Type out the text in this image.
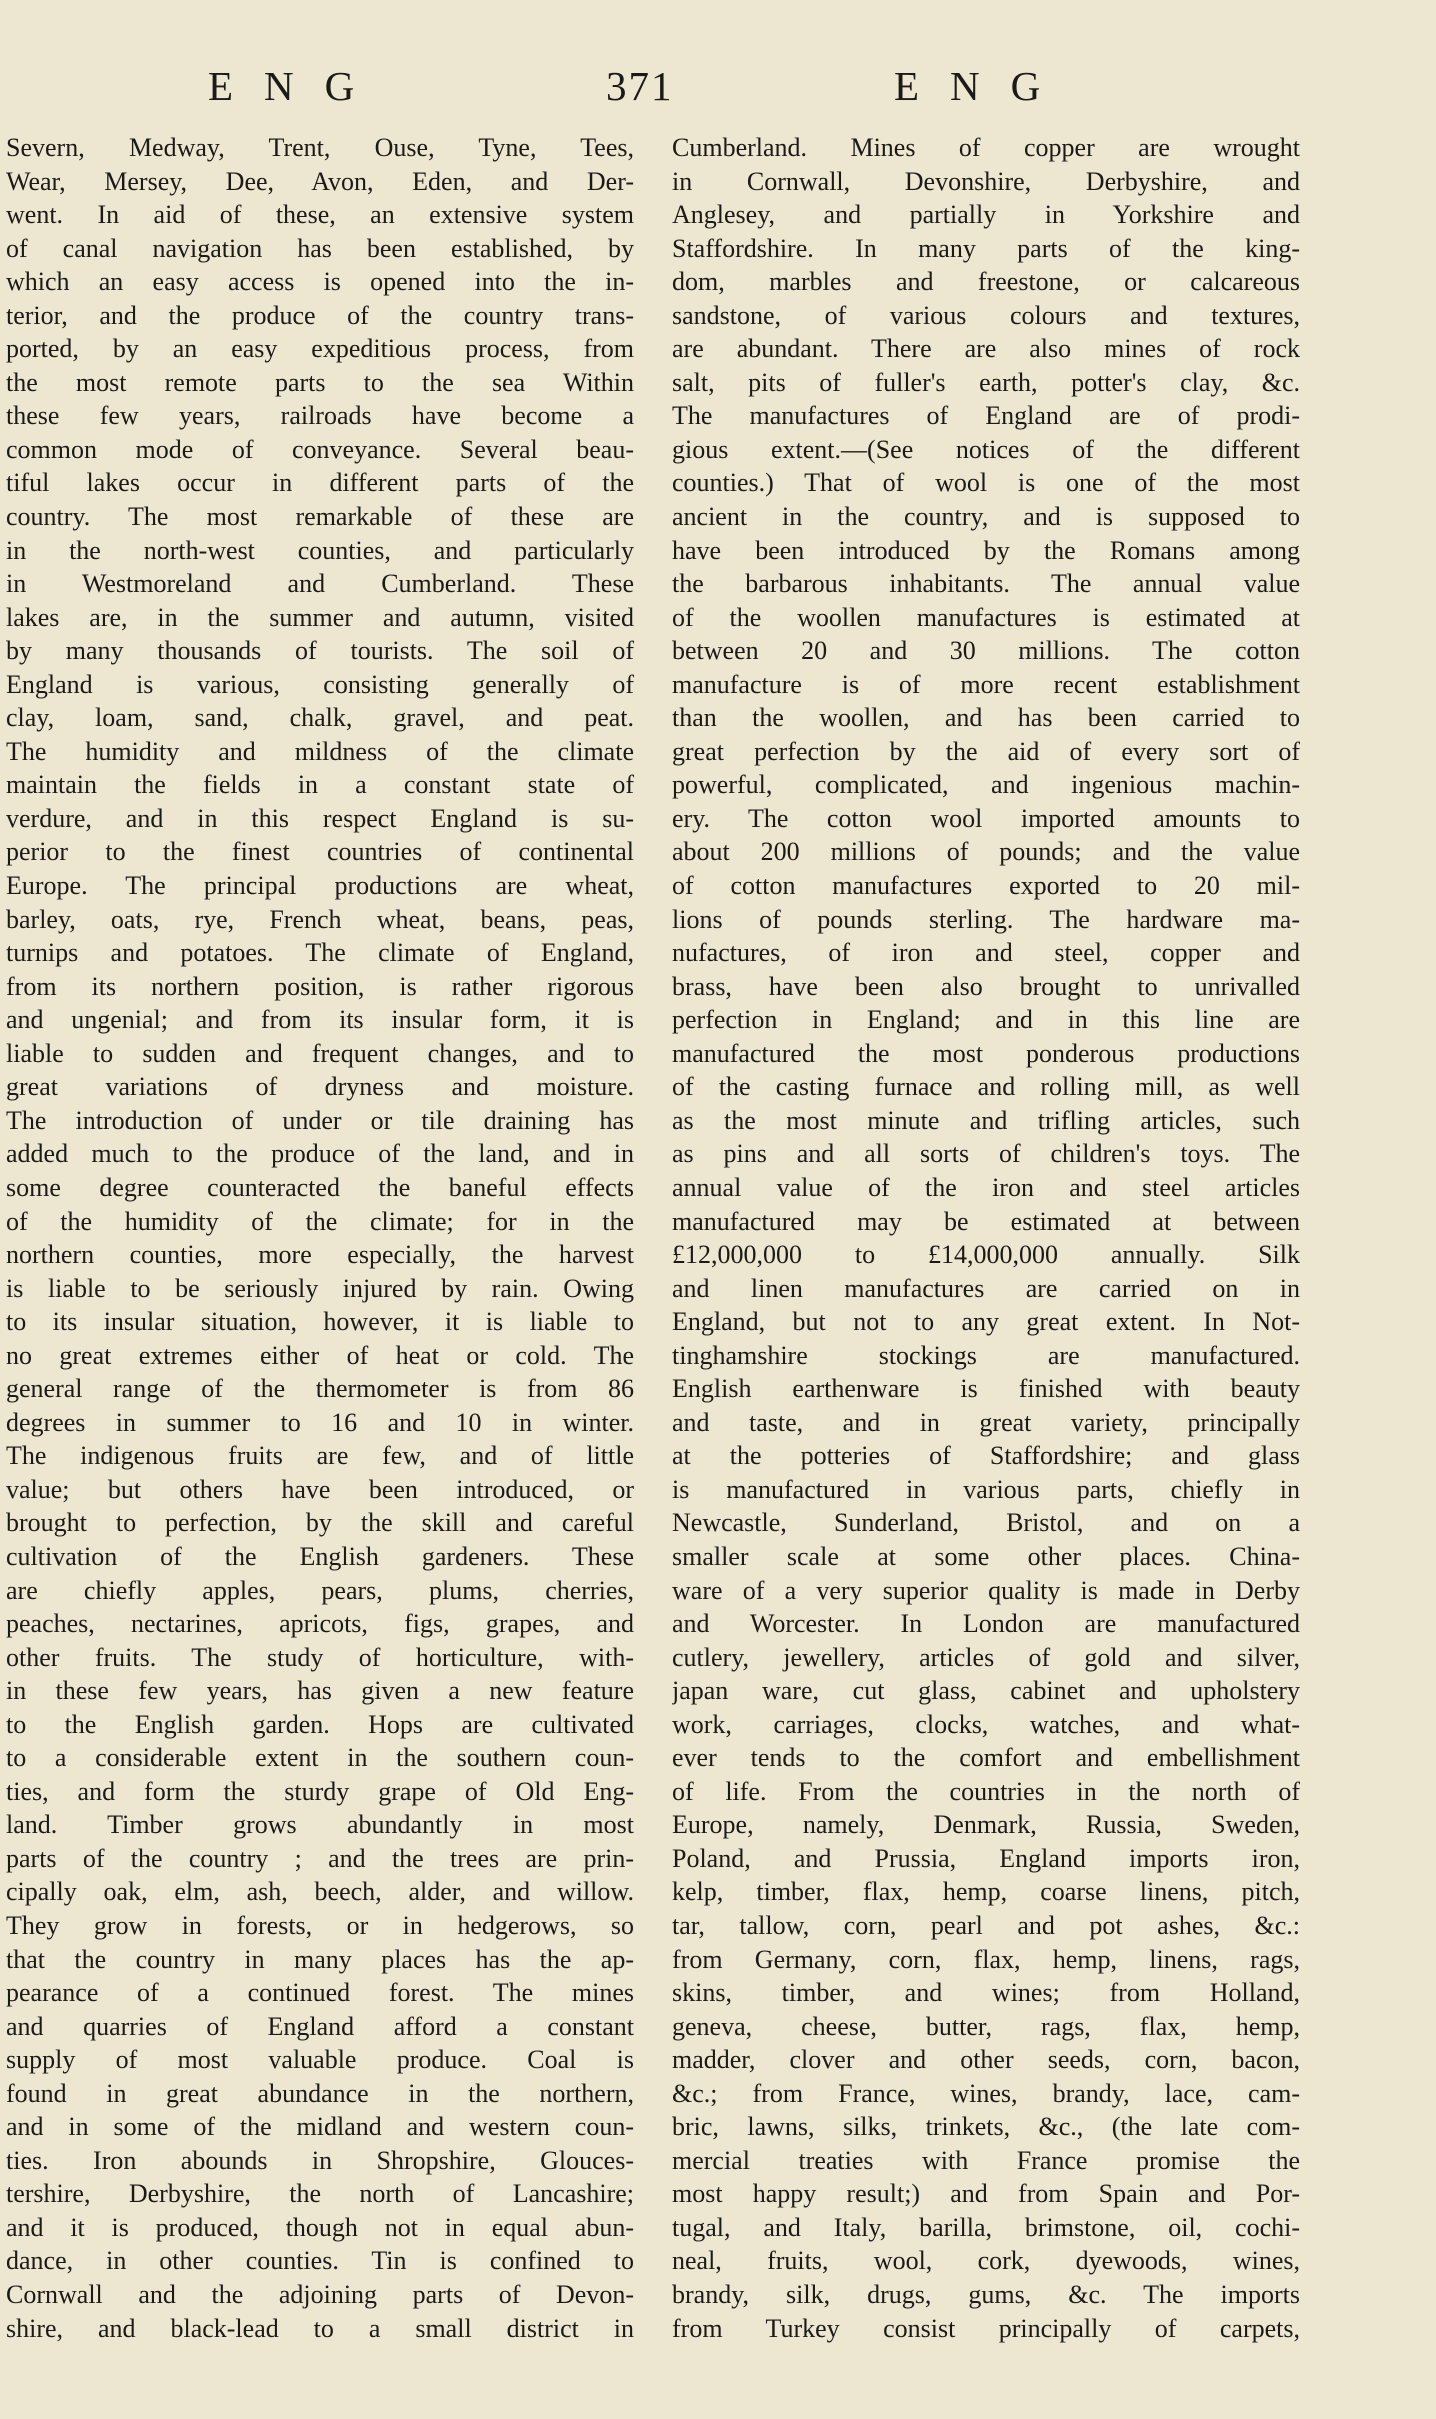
ENG	371	ENG
Severn, Medway, Trent, Ouse, Tyne, Tees,
Wear, Mersey, Dee, Avon, Eden, and Der-
went. In aid of these, an extensive system
of canal navigation has been established, by
which an easy access is opened into the in-
terior, and the produce of the country trans-
ported, by an easy expeditious process, from
the most remote parts to the sea Within
these few years, railroads have become a
common mode of conveyance. Several beau-
tiful lakes occur in different parts of the
country. The most remarkable of these are
in the north-west counties, and particularly
in Westmoreland and Cumberland. These
lakes are, in the summer and autumn, visited
by many thousands of tourists. The soil of
England is various, consisting generally of
clay, loam, sand, chalk, gravel, and peat.
The humidity and mildness of the climate
maintain the fields in a constant state of
verdure, and in this respect England is su-
perior to the finest countries of continental
Europe. The principal productions are wheat,
barley, oats, rye, French wheat, beans, peas,
turnips and potatoes. The climate of England,
from its northern position, is rather rigorous
and ungenial; and from its insular form, it is
liable to sudden and frequent changes, and to
great variations of dryness and moisture.
The introduction of under or tile draining has
added much to the produce of the land, and in
some degree counteracted the baneful effects
of the humidity of the climate; for in the
northern counties, more especially, the harvest
is liable to be seriously injured by rain. Owing
to its insular situation, however, it is liable to
no great extremes either of heat or cold. The
general range of the thermometer is from 86
degrees in summer to 16 and 10 in winter.
The indigenous fruits are few, and of little
value; but others have been introduced, or
brought to perfection, by the skill and careful
cultivation of the English gardeners. These
are chiefly apples, pears, plums, cherries,
peaches, nectarines, apricots, figs, grapes, and
other fruits. The study of horticulture, with-
in these few years, has given a new feature
to the English garden. Hops are cultivated
to a considerable extent in the southern coun-
ties, and form the sturdy grape of Old Eng-
land. Timber grows abundantly in most
parts of the country ; and the trees are prin-
cipally oak, elm, ash, beech, alder, and willow.
They grow in forests, or in hedgerows, so
that the country in many places has the ap-
pearance of a continued forest. The mines
and quarries of England afford a constant
supply of most valuable produce. Coal is
found in great abundance in the northern,
and in some of the midland and western coun-
ties. Iron abounds in Shropshire, Glouces-
tershire, Derbyshire, the north of Lancashire;
and it is produced, though not in equal abun-
dance, in other counties. Tin is confined to
Cornwall and the adjoining parts of Devon-
shire, and black-lead to a small district in
Cumberland. Mines of copper are wrought
in Cornwall, Devonshire, Derbyshire, and
Anglesey, and partially in Yorkshire and
Staffordshire. In many parts of the king-
dom, marbles and freestone, or calcareous
sandstone, of various colours and textures,
are abundant. There are also mines of rock
salt, pits of fuller's earth, potter's clay, &c.
The manufactures of England are of prodi-
gious extent.—(See notices of the different
counties.) That of wool is one of the most
ancient in the country, and is supposed to
have been introduced by the Romans among
the barbarous inhabitants. The annual value
of the woollen manufactures is estimated at
between 20 and 30 millions. The cotton
manufacture is of more recent establishment
than the woollen, and has been carried to
great perfection by the aid of every sort of
powerful, complicated, and ingenious machin-
ery. The cotton wool imported amounts to
about 200 millions of pounds; and the value
of cotton manufactures exported to 20 mil-
lions of pounds sterling. The hardware ma-
nufactures, of iron and steel, copper and
brass, have been also brought to unrivalled
perfection in England; and in this line are
manufactured the most ponderous productions
of the casting furnace and rolling mill, as well
as the most minute and trifling articles, such
as pins and all sorts of children's toys. The
annual value of the iron and steel articles
manufactured may be estimated at between
£12,000,000 to £14,000,000 annually. Silk
and linen manufactures are carried on in
England, but not to any great extent. In Not-
tinghamshire stockings are manufactured.
English earthenware is finished with beauty
and taste, and in great variety, principally
at the potteries of Staffordshire; and glass
is manufactured in various parts, chiefly in
Newcastle, Sunderland, Bristol, and on a
smaller scale at some other places. China-
ware of a very superior quality is made in Derby
and Worcester. In London are manufactured
cutlery, jewellery, articles of gold and silver,
japan ware, cut glass, cabinet and upholstery
work, carriages, clocks, watches, and what-
ever tends to the comfort and embellishment
of life. From the countries in the north of
Europe, namely, Denmark, Russia, Sweden,
Poland, and Prussia, England imports iron,
kelp, timber, flax, hemp, coarse linens, pitch,
tar, tallow, corn, pearl and pot ashes, &c.:
from Germany, corn, flax, hemp, linens, rags,
skins, timber, and wines; from Holland,
geneva, cheese, butter, rags, flax, hemp,
madder, clover and other seeds, corn, bacon,
&c.; from France, wines, brandy, lace, cam-
bric, lawns, silks, trinkets, &c., (the late com-
mercial treaties with France promise the
most happy result;) and from Spain and Por-
tugal, and Italy, barilla, brimstone, oil, cochi-
neal, fruits, wool, cork, dyewoods, wines,
brandy, silk, drugs, gums, &c. The imports
from Turkey consist principally of carpets,
